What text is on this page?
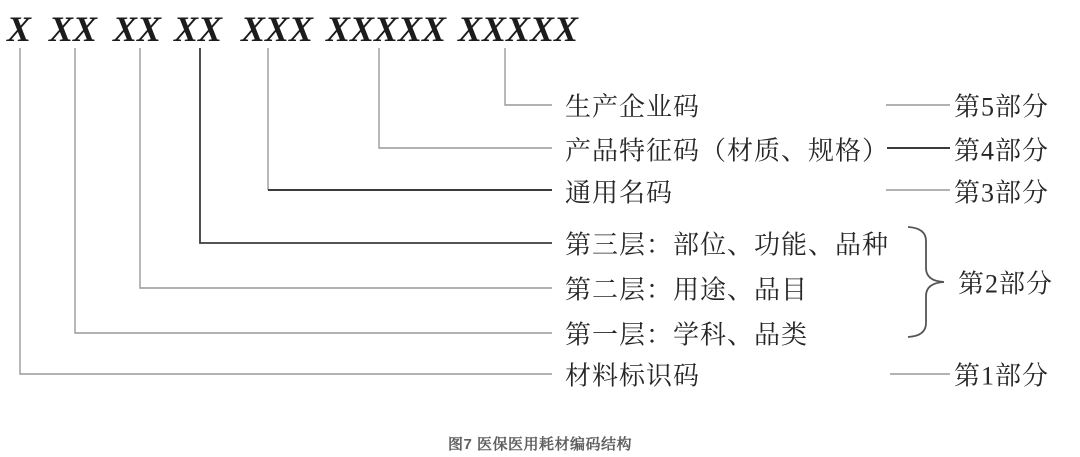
X XX XX XX XXX XXXXX XXXXX
生产企业码
产品特征码（材质、规格）
通用名码
第三层：部位、功能、品种
第二层：用途、品目
第一层：学科、品类
材料标识码
第5部分
第4部分
第3部分
第2部分
第1部分
图7 医保医用耗材编码结构
